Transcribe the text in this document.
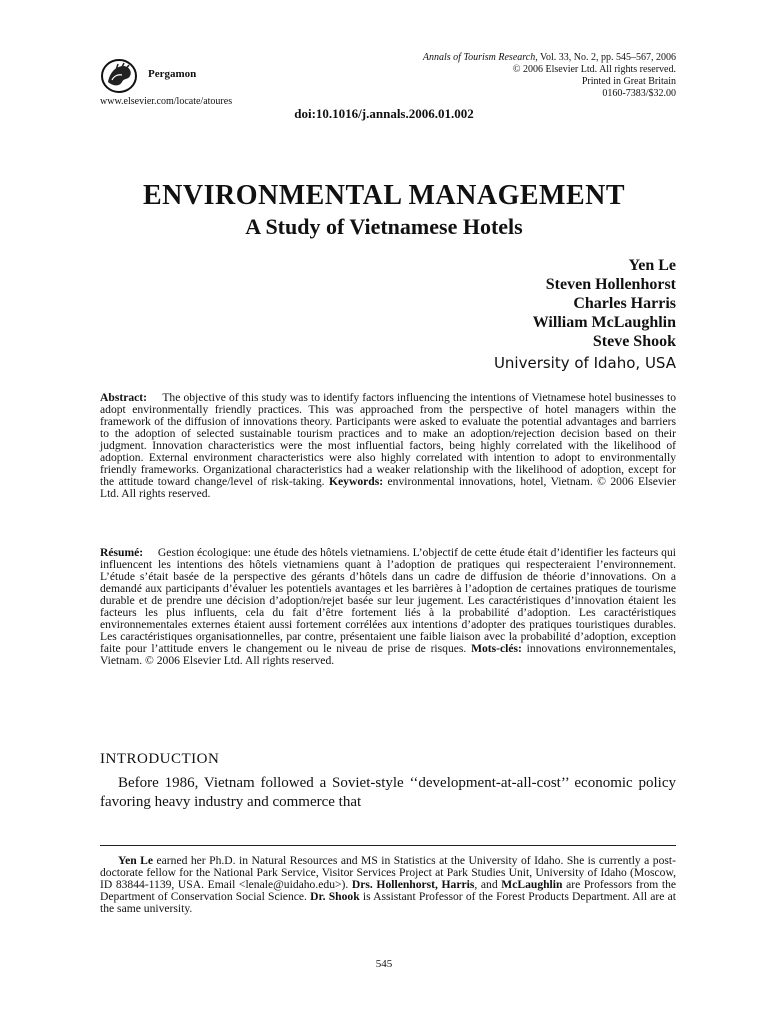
Pergamon
www.elsevier.com/locate/atoures
Annals of Tourism Research, Vol. 33, No. 2, pp. 545–567, 2006
© 2006 Elsevier Ltd. All rights reserved.
Printed in Great Britain
0160-7383/$32.00
doi:10.1016/j.annals.2006.01.002
ENVIRONMENTAL MANAGEMENT
A Study of Vietnamese Hotels
Yen Le
Steven Hollenhorst
Charles Harris
William McLaughlin
Steve Shook
University of Idaho, USA
Abstract: The objective of this study was to identify factors influencing the intentions of Vietnamese hotel businesses to adopt environmentally friendly practices. This was approached from the perspective of hotel managers within the framework of the diffusion of innovations theory. Participants were asked to evaluate the potential advantages and barriers to the adoption of selected sustainable tourism practices and to make an adoption/rejection decision based on their judgment. Innovation characteristics were the most influential factors, being highly correlated with the likelihood of adoption. External environment characteristics were also highly correlated with intention to adopt to environmentally friendly frameworks. Organizational characteristics had a weaker relationship with the likelihood of adoption, except for the attitude toward change/level of risk-taking. Keywords: environmental innovations, hotel, Vietnam. © 2006 Elsevier Ltd. All rights reserved.
Résumé: Gestion écologique: une étude des hôtels vietnamiens. L’objectif de cette étude était d’identifier les facteurs qui influencent les intentions des hôtels vietnamiens quant à l’adoption de pratiques qui respecteraient l’environnement. L’étude s’était basée de la perspective des gérants d’hôtels dans un cadre de diffusion de théorie d’innovations. On a demandé aux participants d’évaluer les potentiels avantages et les barrières à l’adoption de certaines pratiques de tourisme durable et de prendre une décision d’adoption/rejet basée sur leur jugement. Les caractéristiques d’innovation étaient les facteurs les plus influents, cela du fait d’être fortement liés à la probabilité d’adoption. Les caractéristiques environnementales externes étaient aussi fortement corrélées aux intentions d’adopter des pratiques touristiques durables. Les caractéristiques organisationnelles, par contre, présentaient une faible liaison avec la probabilité d’adoption, exception faite pour l’attitude envers le changement ou le niveau de prise de risques. Mots-clés: innovations environnementales, Vietnam. © 2006 Elsevier Ltd. All rights reserved.
INTRODUCTION
Before 1986, Vietnam followed a Soviet-style ‘‘development-at-all-cost’’ economic policy favoring heavy industry and commerce that
Yen Le earned her Ph.D. in Natural Resources and MS in Statistics at the University of Idaho. She is currently a post-doctorate fellow for the National Park Service, Visitor Services Project at Park Studies Unit, University of Idaho (Moscow, ID 83844-1139, USA. Email <lenale@uidaho.edu>). Drs. Hollenhorst, Harris, and McLaughlin are Professors from the Department of Conservation Social Science. Dr. Shook is Assistant Professor of the Forest Products Department. All are at the same university.
545
